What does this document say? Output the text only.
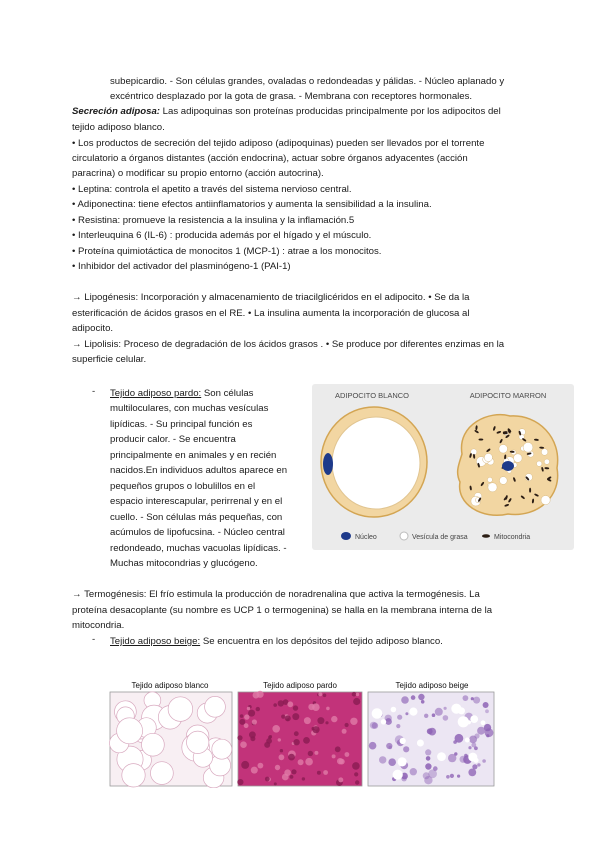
subepicardio. - Son células grandes, ovaladas o redondeadas y pálidas. - Núcleo aplanado y
excéntrico desplazado por la gota de grasa. - Membrana con receptores hormonales.
Secreción adiposa: Las adipoquinas son proteínas producidas principalmente por los adipocitos del
tejido adiposo blanco.
• Los productos de secreción del tejido adiposo (adipoquinas) pueden ser llevados por el torrente
circulatorio a órganos distantes (acción endocrina), actuar sobre órganos adyacentes (acción
paracrina) o modificar su propio entorno (acción autocrina).
• Leptina: controla el apetito a través del sistema nervioso central.
• Adiponectina: tiene efectos antiinflamatorios y aumenta la sensibilidad a la insulina.
• Resistina: promueve la resistencia a la insulina y la inflamación.5
• Interleuquina 6 (IL-6) : producida además por el hígado y el músculo.
• Proteína quimiotáctica de monocitos 1 (MCP-1) : atrae a los monocitos.
• Inhibidor del activador del plasminógeno-1 (PAI-1)
→ Lipogénesis: Incorporación y almacenamiento de triacilglicéridos en el adipocito. • Se da la
esterificación de ácidos grasos en el RE. • La insulina aumenta la incorporación de glucosa al
adipocito.
→ Lipolisis: Proceso de degradación de los ácidos grasos . • Se produce por diferentes enzimas en la
superficie celular.
- Tejido adiposo pardo: Son células
multiloculares, con muchas vesículas
lipídicas. - Su principal función es
producir calor. - Se encuentra
principalmente en animales y en recién
nacidos.En individuos adultos aparece en
pequeños grupos o lobulillos en el
espacio interescapular, perirrenal y en el
cuello. - Son células más pequeñas, con
acúmulos de lipofucsina. - Núcleo central
redondeado, muchas vacuolas lipídicas. -
Muchas mitocondrias y glucógeno.
ADIPOCITO BLANCO	ADIPOCITO MARRON
Núcleo	Vesícula de grasa	Mitocondria
→ Termogénesis: El frío estimula la producción de noradrenalina que activa la termogénesis. La
proteína desacoplante (su nombre es UCP 1 o termogenina) se halla en la membrana interna de la
mitocondria.
- Tejido adiposo beige: Se encuentra en los depósitos del tejido adiposo blanco.
Tejido adiposo blanco	Tejido adiposo pardo	Tejido adiposo beige
